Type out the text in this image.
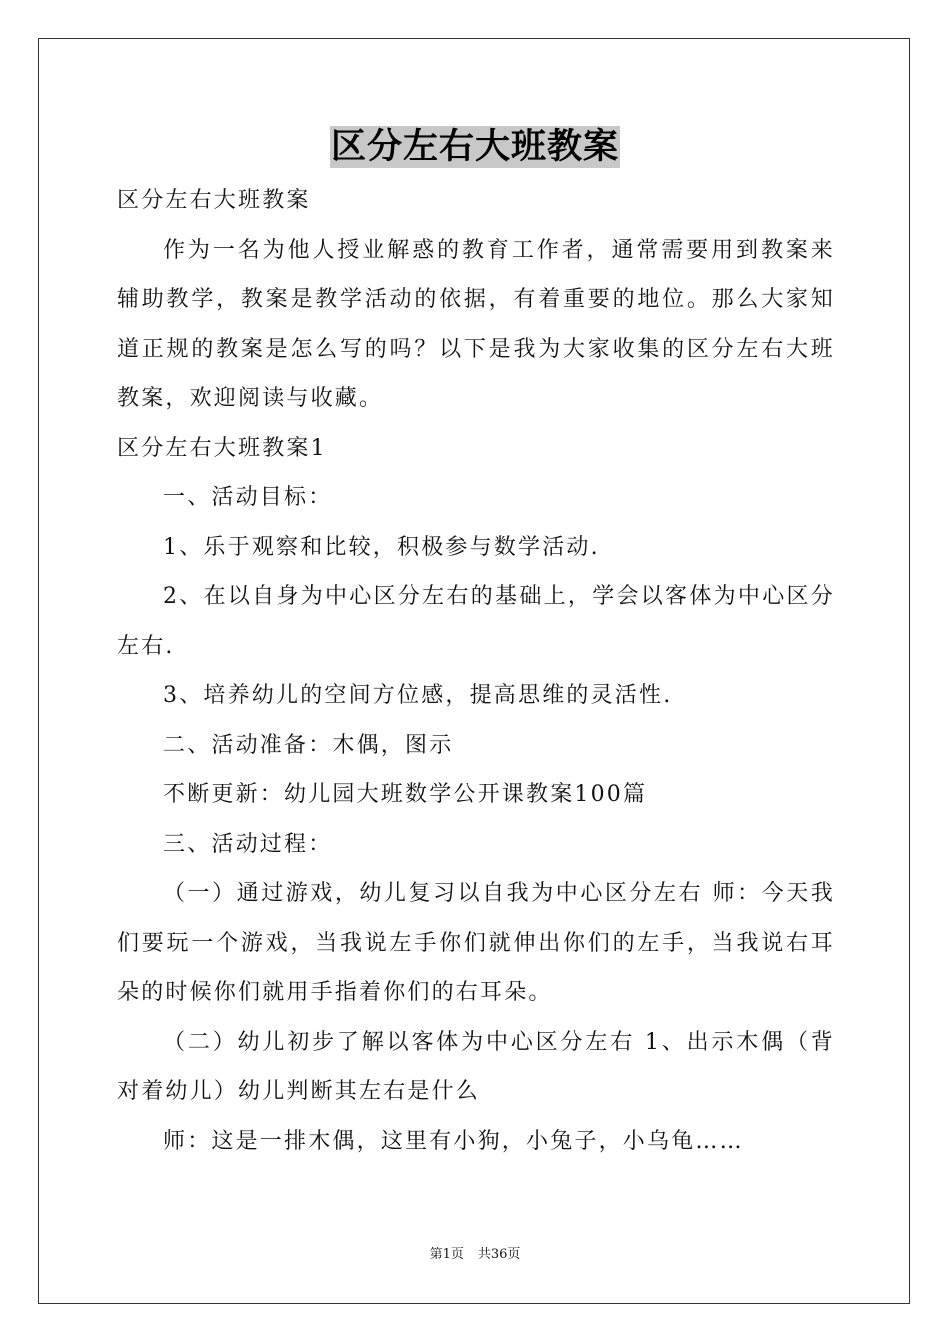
区分左右大班教案

区分左右大班教案

作为一名为他人授业解惑的教育工作者，通常需要用到教案来辅助教学，教案是教学活动的依据，有着重要的地位。那么大家知道正规的教案是怎么写的吗？以下是我为大家收集的区分左右大班教案，欢迎阅读与收藏。

区分左右大班教案1

一、活动目标：

1、乐于观察和比较，积极参与数学活动.

2、在以自身为中心区分左右的基础上，学会以客体为中心区分左右.

3、培养幼儿的空间方位感，提高思维的灵活性.

二、活动准备：木偶，图示

不断更新：幼儿园大班数学公开课教案100篇

三、活动过程：

（一）通过游戏，幼儿复习以自我为中心区分左右 师：今天我们要玩一个游戏，当我说左手你们就伸出你们的左手，当我说右耳朵的时候你们就用手指着你们的右耳朵。

（二）幼儿初步了解以客体为中心区分左右 1、出示木偶（背对着幼儿）幼儿判断其左右是什么

师：这是一排木偶，这里有小狗，小兔子，小乌龟……

第1页 共36页
